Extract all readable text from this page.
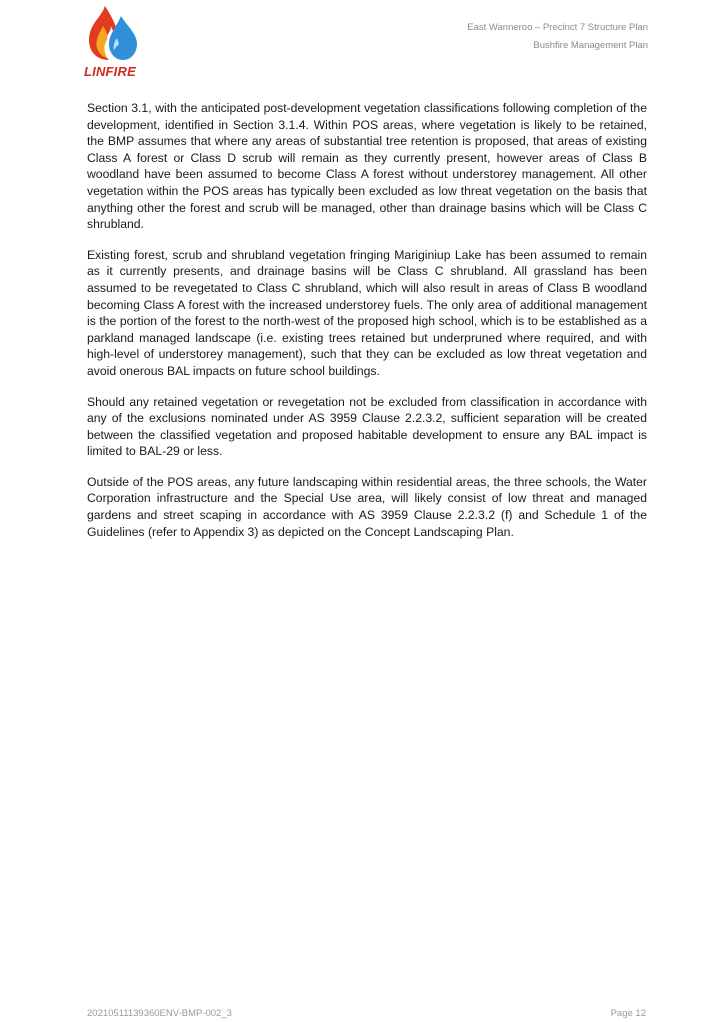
LINFIRE
East Wanneroo – Precinct 7 Structure Plan
Bushfire Management Plan

Section 3.1, with the anticipated post-development vegetation classifications following completion of the development, identified in Section 3.1.4. Within POS areas, where vegetation is likely to be retained, the BMP assumes that where any areas of substantial tree retention is proposed, that areas of existing Class A forest or Class D scrub will remain as they currently present, however areas of Class B woodland have been assumed to become Class A forest without understorey management. All other vegetation within the POS areas has typically been excluded as low threat vegetation on the basis that anything other the forest and scrub will be managed, other than drainage basins which will be Class C shrubland.

Existing forest, scrub and shrubland vegetation fringing Mariginiup Lake has been assumed to remain as it currently presents, and drainage basins will be Class C shrubland. All grassland has been assumed to be revegetated to Class C shrubland, which will also result in areas of Class B woodland becoming Class A forest with the increased understorey fuels. The only area of additional management is the portion of the forest to the north-west of the proposed high school, which is to be established as a parkland managed landscape (i.e. existing trees retained but underpruned where required, and with high-level of understorey management), such that they can be excluded as low threat vegetation and avoid onerous BAL impacts on future school buildings.

Should any retained vegetation or revegetation not be excluded from classification in accordance with any of the exclusions nominated under AS 3959 Clause 2.2.3.2, sufficient separation will be created between the classified vegetation and proposed habitable development to ensure any BAL impact is limited to BAL-29 or less.

Outside of the POS areas, any future landscaping within residential areas, the three schools, the Water Corporation infrastructure and the Special Use area, will likely consist of low threat and managed gardens and street scaping in accordance with AS 3959 Clause 2.2.3.2 (f) and Schedule 1 of the Guidelines (refer to Appendix 3) as depicted on the Concept Landscaping Plan.

20210511139360ENV-BMP-002_3	Page 12
